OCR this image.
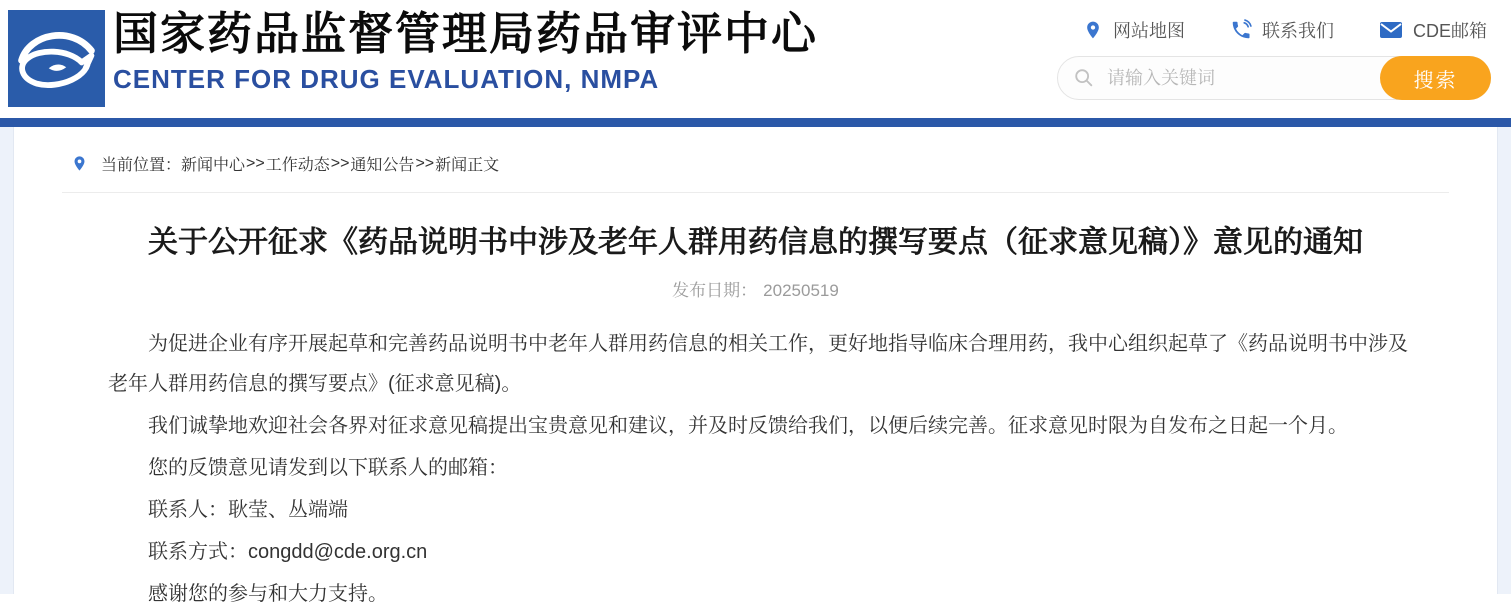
国家药品监督管理局药品审评中心
CENTER FOR DRUG EVALUATION, NMPA
网站地图	联系我们	CDE邮箱
请输入关键词
搜索
当前位置： 新闻中心 >> 工作动态 >> 通知公告 >> 新闻正文
关于公开征求《药品说明书中涉及老年人群用药信息的撰写要点（征求意见稿）》意见的通知
发布日期： 20250519

为促进企业有序开展起草和完善药品说明书中老年人群用药信息的相关工作，更好地指导临床合理用药，我中心组织起草了《药品说明书中涉及老年人群用药信息的撰写要点》(征求意见稿)。

我们诚挚地欢迎社会各界对征求意见稿提出宝贵意见和建议，并及时反馈给我们，以便后续完善。征求意见时限为自发布之日起一个月。

您的反馈意见请发到以下联系人的邮箱：

联系人：耿莹、丛端端

联系方式：congdd@cde.org.cn

感谢您的参与和大力支持。
